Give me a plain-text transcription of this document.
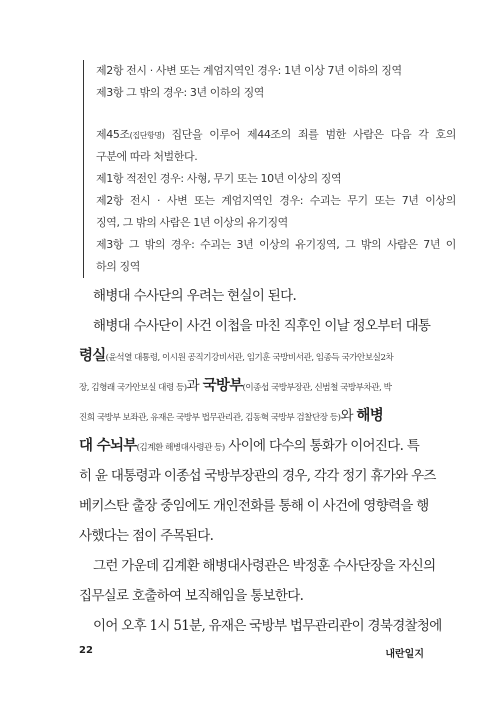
제2항 전시 · 사변 또는 계엄지역인 경우: 1년 이상 7년 이하의 징역
제3항 그 밖의 경우: 3년 이하의 징역
제45조(집단항명) 집단을 이루어 제44조의 죄를 범한 사람은 다음 각 호의
구분에 따라 처벌한다.
제1항 적전인 경우: 사형, 무기 또는 10년 이상의 징역
제2항 전시 · 사변 또는 계엄지역인 경우: 수괴는 무기 또는 7년 이상의
징역, 그 밖의 사람은 1년 이상의 유기징역
제3항 그 밖의 경우: 수괴는 3년 이상의 유기징역, 그 밖의 사람은 7년 이
하의 징역
해병대 수사단의 우려는 현실이 된다.
해병대 수사단이 사건 이첩을 마친 직후인 이날 정오부터 대통
령실(윤석열 대통령, 이시원 공직기강비서관, 임기훈 국방비서관, 임종득 국가안보실2차
장, 김형래 국가안보실 대령 등)과 국방부(이종섭 국방부장관, 신범철 국방부차관, 박
진희 국방부 보좌관, 유재은 국방부 법무관리관, 김동혁 국방부 검찰단장 등)와 해병
대 수뇌부(김계환 해병대사령관 등) 사이에 다수의 통화가 이어진다. 특
히 윤 대통령과 이종섭 국방부장관의 경우, 각각 정기 휴가와 우즈
베키스탄 출장 중임에도 개인전화를 통해 이 사건에 영향력을 행
사했다는 점이 주목된다.
그런 가운데 김계환 해병대사령관은 박정훈 수사단장을 자신의
집무실로 호출하여 보직해임을 통보한다.
이어 오후 1시 51분, 유재은 국방부 법무관리관이 경북경찰청에
22	내란일지
